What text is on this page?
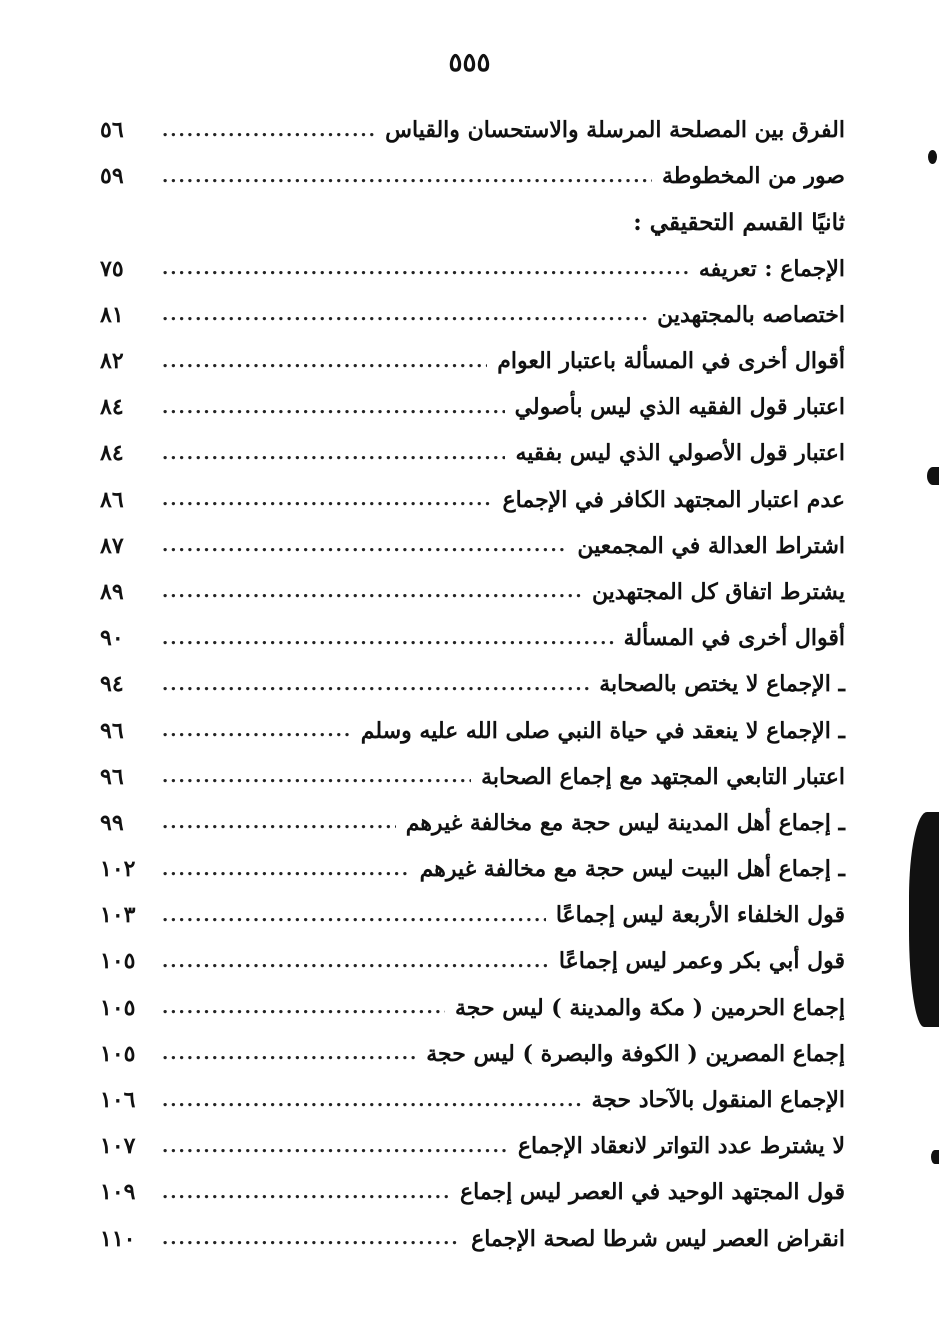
٥٥٥
الفرق بين المصلحة المرسلة والاستحسان والقياس
.....
٥٦
صور من المخطوطة
.....
٥٩
ثانيًا القسم التحقيقي :
الإجماع : تعريفه
.....
٧٥
اختصاصه بالمجتهدين
.....
٨١
أقوال أخرى في المسألة باعتبار العوام
.....
٨٢
اعتبار قول الفقيه الذي ليس بأصولي
.....
٨٤
اعتبار قول الأصولي الذي ليس بفقيه
.....
٨٤
عدم اعتبار المجتهد الكافر في الإجماع
.....
٨٦
اشتراط العدالة في المجمعين
.....
٨٧
يشترط اتفاق كل المجتهدين
.....
٨٩
أقوال أخرى في المسألة
.....
٩٠
ـ الإجماع لا يختص بالصحابة
.....
٩٤
ـ الإجماع لا ينعقد في حياة النبي صلى الله عليه وسلم
.....
٩٦
اعتبار التابعي المجتهد مع إجماع الصحابة
.....
٩٦
ـ إجماع أهل المدينة ليس حجة مع مخالفة غيرهم
.....
٩٩
ـ إجماع أهل البيت ليس حجة مع مخالفة غيرهم
.....
١٠٢
قول الخلفاء الأربعة ليس إجماعًا
.....
١٠٣
قول أبي بكر وعمر ليس إجماعًا
.....
١٠٥
إجماع الحرمين ( مكة والمدينة ) ليس حجة
.....
١٠٥
إجماع المصرين ( الكوفة والبصرة ) ليس حجة
.....
١٠٥
الإجماع المنقول بالآحاد حجة
.....
١٠٦
لا يشترط عدد التواتر لانعقاد الإجماع
.....
١٠٧
قول المجتهد الوحيد في العصر ليس إجماع
.....
١٠٩
انقراض العصر ليس شرطا لصحة الإجماع
.....
١١٠
